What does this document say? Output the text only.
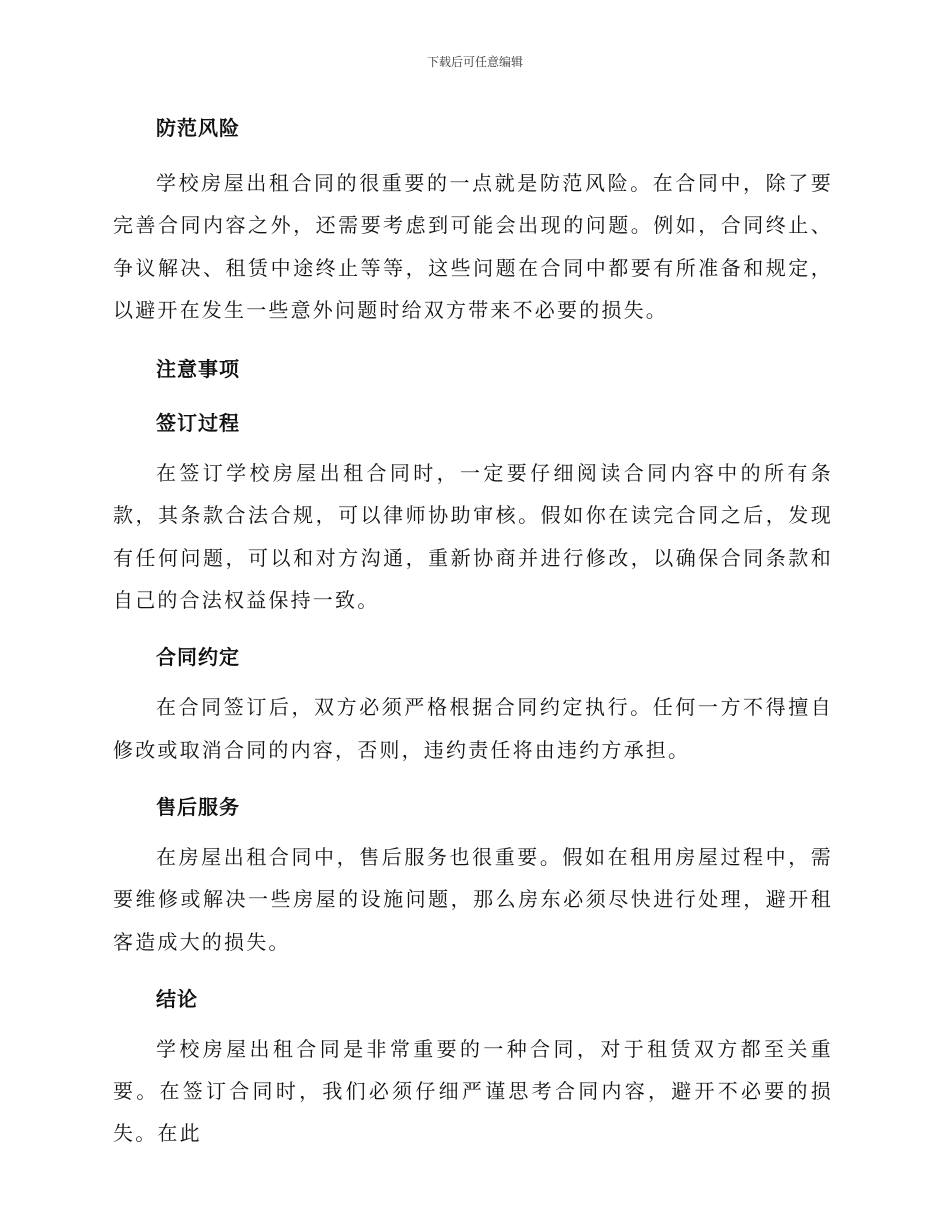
下载后可任意编辑
防范风险

学校房屋出租合同的很重要的一点就是防范风险。在合同中，除了要完善合同内容之外，还需要考虑到可能会出现的问题。例如，合同终止、争议解决、租赁中途终止等等，这些问题在合同中都要有所准备和规定，以避开在发生一些意外问题时给双方带来不必要的损失。

注意事项
签订过程

在签订学校房屋出租合同时，一定要仔细阅读合同内容中的所有条款，其条款合法合规，可以律师协助审核。假如你在读完合同之后，发现有任何问题，可以和对方沟通，重新协商并进行修改，以确保合同条款和自己的合法权益保持一致。

合同约定

在合同签订后，双方必须严格根据合同约定执行。任何一方不得擅自修改或取消合同的内容，否则，违约责任将由违约方承担。

售后服务

在房屋出租合同中，售后服务也很重要。假如在租用房屋过程中，需要维修或解决一些房屋的设施问题，那么房东必须尽快进行处理，避开租客造成大的损失。

结论

学校房屋出租合同是非常重要的一种合同，对于租赁双方都至关重要。在签订合同时，我们必须仔细严谨思考合同内容，避开不必要的损失。在此
